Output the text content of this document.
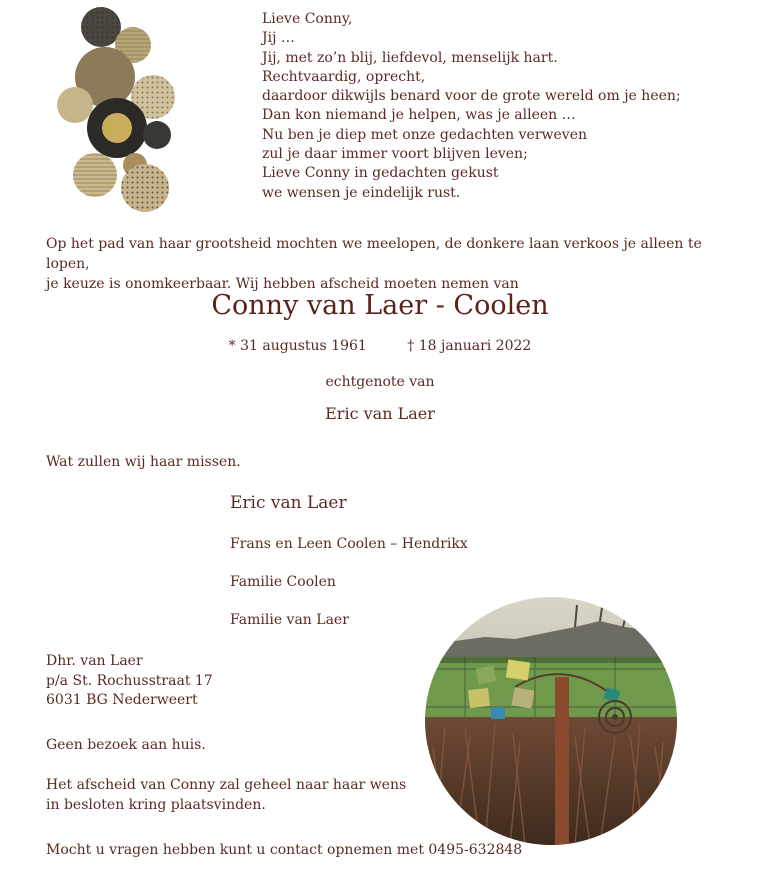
Lieve Conny,
Jij …
Jij, met zo’n blij, liefdevol, menselijk hart.
Rechtvaardig, oprecht,
daardoor dikwijls benard voor de grote wereld om je heen;
Dan kon niemand je helpen, was je alleen …
Nu ben je diep met onze gedachten verweven
zul je daar immer voort blijven leven;
Lieve Conny in gedachten gekust
we wensen je eindelijk rust.
Op het pad van haar grootsheid mochten we meelopen, de donkere laan verkoos je alleen te lopen,
je keuze is onomkeerbaar. Wij hebben afscheid moeten nemen van
Conny van Laer - Coolen
* 31 augustus 1961	† 18 januari 2022
echtgenote van
Eric van Laer
Wat zullen wij haar missen.
Eric van Laer
Frans en Leen Coolen – Hendrikx
Familie Coolen
Familie van Laer
Dhr. van Laer
p/a St. Rochusstraat 17
6031 BG Nederweert
Geen bezoek aan huis.
Het afscheid van Conny zal geheel naar haar wens
in besloten kring plaatsvinden.
Mocht u vragen hebben kunt u contact opnemen met 0495-632848
